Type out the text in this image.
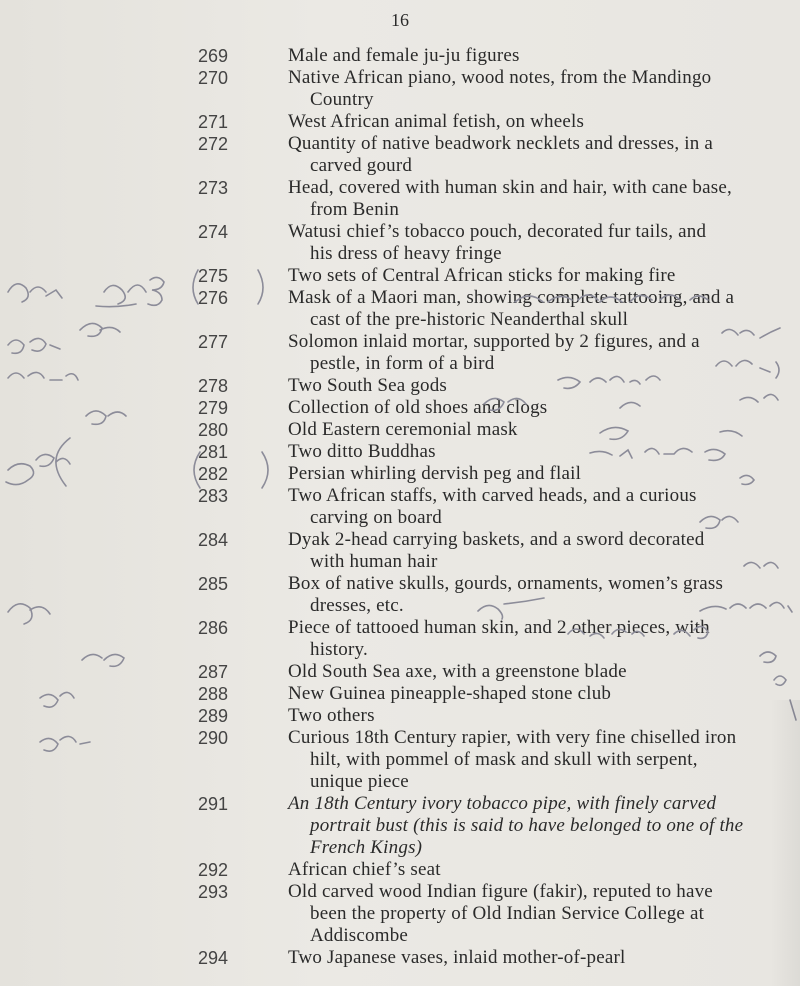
16
269	Male and female ju-ju figures
270	Native African piano, wood notes, from the Mandingo
Country
271	West African animal fetish, on wheels
272	Quantity of native beadwork necklets and dresses, in a
carved gourd
273	Head, covered with human skin and hair, with cane base,
from Benin
274	Watusi chief’s tobacco pouch, decorated fur tails, and
his dress of heavy fringe
275	Two sets of Central African sticks for making fire
276	Mask of a Maori man, showing complete tattooing, and a
cast of the pre-historic Neanderthal skull
277	Solomon inlaid mortar, supported by 2 figures, and a
pestle, in form of a bird
278	Two South Sea gods
279	Collection of old shoes and clogs
280	Old Eastern ceremonial mask
281	Two ditto Buddhas
282	Persian whirling dervish peg and flail
283	Two African staffs, with carved heads, and a curious
carving on board
284	Dyak 2-head carrying baskets, and a sword decorated
with human hair
285	Box of native skulls, gourds, ornaments, women’s grass
dresses, etc.
286	Piece of tattooed human skin, and 2 other pieces, with
history.
287	Old South Sea axe, with a greenstone blade
288	New Guinea pineapple-shaped stone club
289	Two others
290	Curious 18th Century rapier, with very fine chiselled iron
hilt, with pommel of mask and skull with serpent,
unique piece
291	An 18th Century ivory tobacco pipe, with finely carved
portrait bust (this is said to have belonged to one of the
French Kings)
292	African chief’s seat
293	Old carved wood Indian figure (fakir), reputed to have
been the property of Old Indian Service College at
Addiscombe
294	Two Japanese vases, inlaid mother-of-pearl
